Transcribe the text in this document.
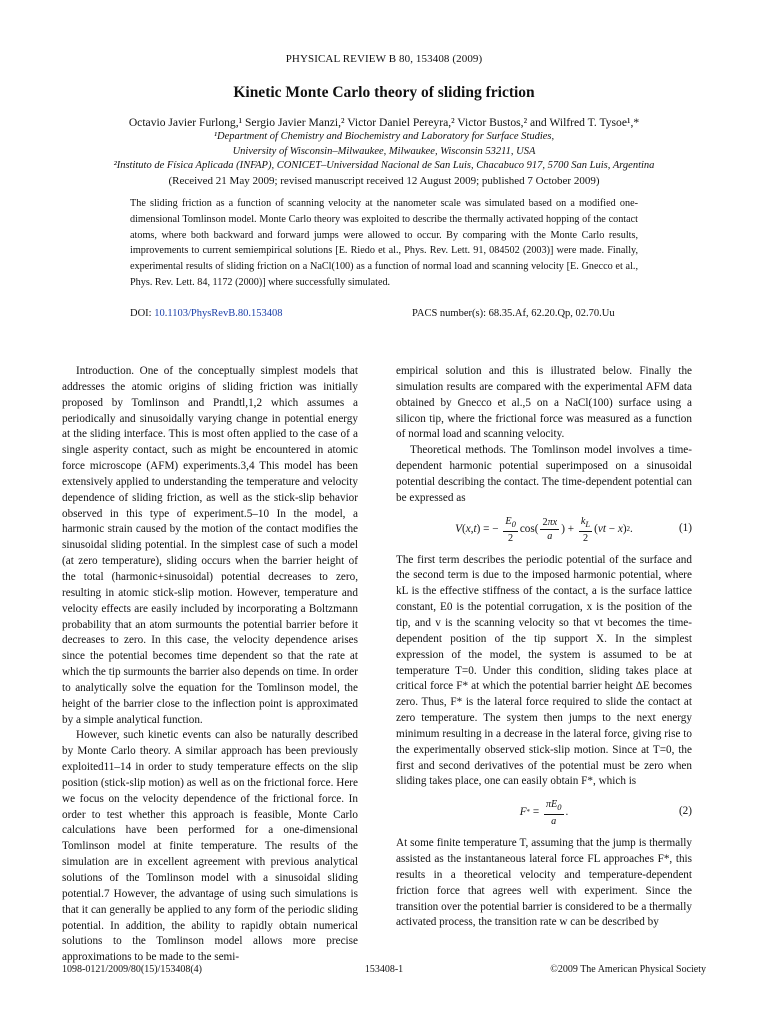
PHYSICAL REVIEW B 80, 153408 (2009)
Kinetic Monte Carlo theory of sliding friction
Octavio Javier Furlong,¹ Sergio Javier Manzi,² Victor Daniel Pereyra,² Victor Bustos,² and Wilfred T. Tysoe¹,*
¹Department of Chemistry and Biochemistry and Laboratory for Surface Studies,
University of Wisconsin–Milwaukee, Milwaukee, Wisconsin 53211, USA
²Instituto de Física Aplicada (INFAP), CONICET–Universidad Nacional de San Luis, Chacabuco 917, 5700 San Luis, Argentina
(Received 21 May 2009; revised manuscript received 12 August 2009; published 7 October 2009)
The sliding friction as a function of scanning velocity at the nanometer scale was simulated based on a modified one-dimensional Tomlinson model. Monte Carlo theory was exploited to describe the thermally activated hopping of the contact atoms, where both backward and forward jumps were allowed to occur. By comparing with the Monte Carlo results, improvements to current semiempirical solutions [E. Riedo et al., Phys. Rev. Lett. 91, 084502 (2003)] were made. Finally, experimental results of sliding friction on a NaCl(100) as a function of normal load and scanning velocity [E. Gnecco et al., Phys. Rev. Lett. 84, 1172 (2000)] where successfully simulated.
DOI: 10.1103/PhysRevB.80.153408	PACS number(s): 68.35.Af, 62.20.Qp, 02.70.Uu

Introduction. One of the conceptually simplest models that addresses the atomic origins of sliding friction was initially proposed by Tomlinson and Prandtl,1,2 which assumes a periodically and sinusoidally varying change in potential energy at the sliding interface. This is most often applied to the case of a single asperity contact, such as might be encountered in atomic force microscope (AFM) experiments.3,4 This model has been extensively applied to understanding the temperature and velocity dependence of sliding friction, as well as the stick-slip behavior observed in this type of experiment.5–10 In the model, a harmonic strain caused by the motion of the contact modifies the sinusoidal sliding potential. In the simplest case of such a model (at zero temperature), sliding occurs when the barrier height of the total (harmonic+sinusoidal) potential decreases to zero, resulting in atomic stick-slip motion. However, temperature and velocity effects are easily included by incorporating a Boltzmann probability that an atom surmounts the potential barrier before it decreases to zero. In this case, the velocity dependence arises since the potential becomes time dependent so that the rate at which the tip surmounts the barrier also depends on time. In order to analytically solve the equation for the Tomlinson model, the height of the barrier close to the inflection point is approximated by a simple analytical function.

However, such kinetic events can also be naturally described by Monte Carlo theory. A similar approach has been previously exploited11–14 in order to study temperature effects on the slip position (stick-slip motion) as well as on the frictional force. Here we focus on the velocity dependence of the frictional force. In order to test whether this approach is feasible, Monte Carlo calculations have been performed for a one-dimensional Tomlinson model at finite temperature. The results of the simulation are in excellent agreement with previous analytical solutions of the Tomlinson model with a sinusoidal sliding potential.7 However, the advantage of using such simulations is that it can generally be applied to any form of the periodic sliding potential. In addition, the ability to rapidly obtain numerical solutions to the Tomlinson model allows more precise approximations to be made to the semi-

empirical solution and this is illustrated below. Finally the simulation results are compared with the experimental AFM data obtained by Gnecco et al.,5 on a NaCl(100) surface using a silicon tip, where the frictional force was measured as a function of normal load and scanning velocity.

Theoretical methods. The Tomlinson model involves a time-dependent harmonic potential superimposed on a sinusoidal potential describing the contact. The time-dependent potential can be expressed as

V ( x , t ) = − $\frac{E_0}{2}$ cos ( $\frac{2\pi x}{a}$ ) + $\frac{k_L}{2}$ ( vt − x ) 2 .	(1)

The first term describes the periodic potential of the surface and the second term is due to the imposed harmonic potential, where kL is the effective stiffness of the contact, a is the surface lattice constant, E0 is the potential corrugation, x is the position of the tip, and v is the scanning velocity so that vt becomes the time-dependent position of the tip support X. In the simplest expression of the model, the system is assumed to be at temperature T=0. Under this condition, sliding takes place at critical force F* at which the potential barrier height ΔE becomes zero. Thus, F* is the lateral force required to slide the contact at zero temperature. The system then jumps to the next energy minimum resulting in a decrease in the lateral force, giving rise to the experimentally observed stick-slip motion. Since at T=0, the first and second derivatives of the potential must be zero when sliding takes place, one can easily obtain F*, which is

F * = $\frac{\pi E_0}{a}$ .	(2)

At some finite temperature T, assuming that the jump is thermally assisted as the instantaneous lateral force FL approaches F*, this results in a theoretical velocity and temperature-dependent friction force that agrees well with experiment. Since the transition over the potential barrier is considered to be a thermally activated process, the transition rate w can be described by

1098-0121/2009/80(15)/153408(4)	153408-1	©2009 The American Physical Society
